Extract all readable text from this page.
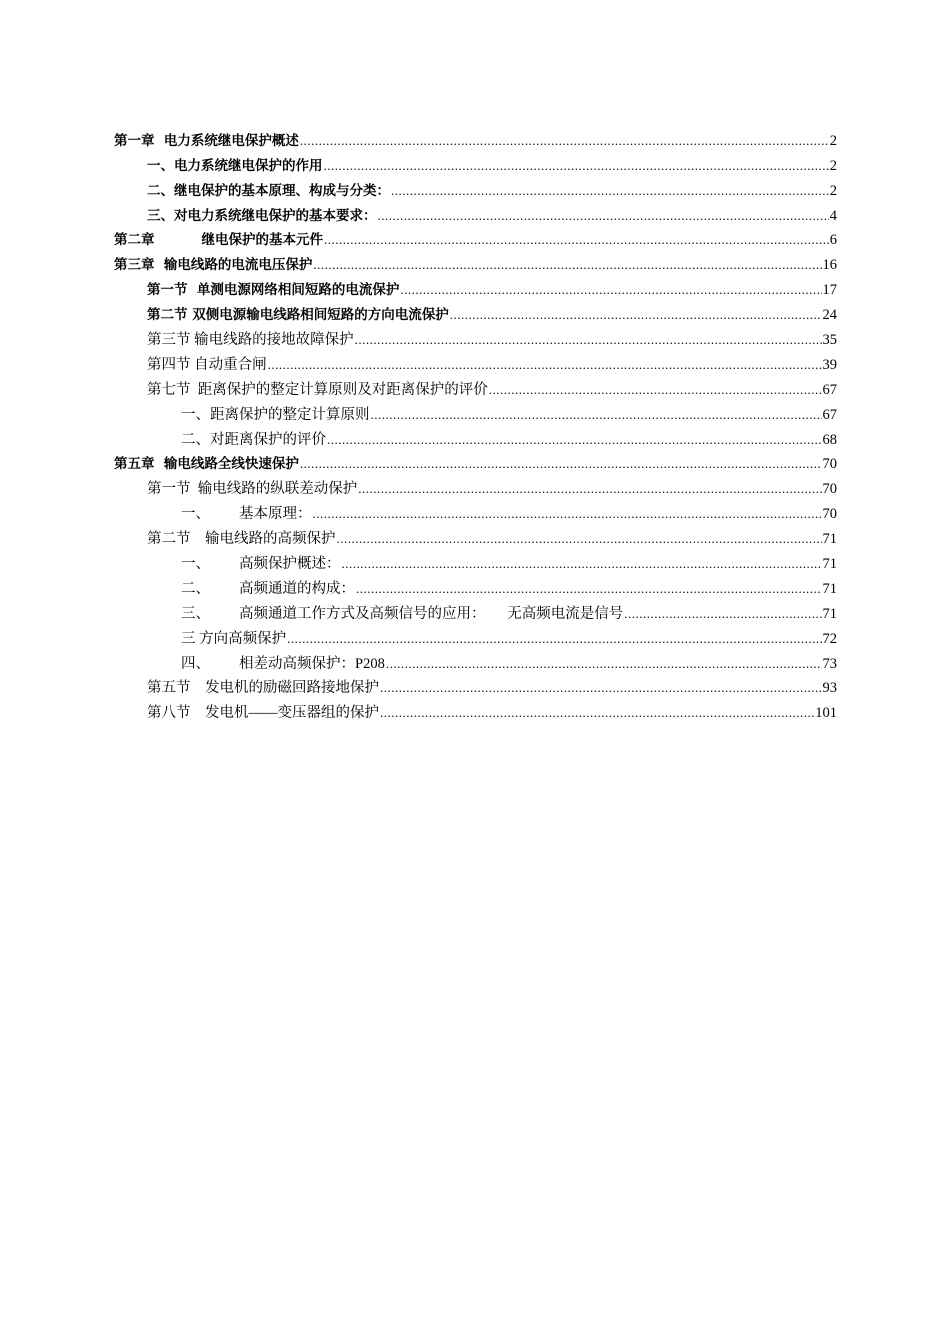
第一章  电力系统继电保护概述 .....	2
一、电力系统继电保护的作用 .....	2
二、继电保护的基本原理、构成与分类： .....	2
三、对电力系统继电保护的基本要求： .....	4
第二章          继电保护的基本元件 .....	6
第三章  输电线路的电流电压保护 .....	16
第一节  单测电源网络相间短路的电流保护 .....	17
第二节 双侧电源输电线路相间短路的方向电流保护 .....	24
第三节 输电线路的接地故障保护 .....	35
第四节 自动重合闸 .....	39
第七节  距离保护的整定计算原则及对距离保护的评价 .....	67
一、距离保护的整定计算原则 .....	67
二、对距离保护的评价 .....	68
第五章  输电线路全线快速保护 .....	70
第一节  输电线路的纵联差动保护 .....	70
一、        基本原理： .....	70
第二节    输电线路的高频保护 .....	71
一、        高频保护概述： .....	71
二、        高频通道的构成： .....	71
三、        高频通道工作方式及高频信号的应用：      无高频电流是信号 .....	71
三 方向高频保护 .....	72
四、        相差动高频保护：P208 .....	73
第五节    发电机的励磁回路接地保护 .....	93
第八节    发电机——变压器组的保护 .....	101
